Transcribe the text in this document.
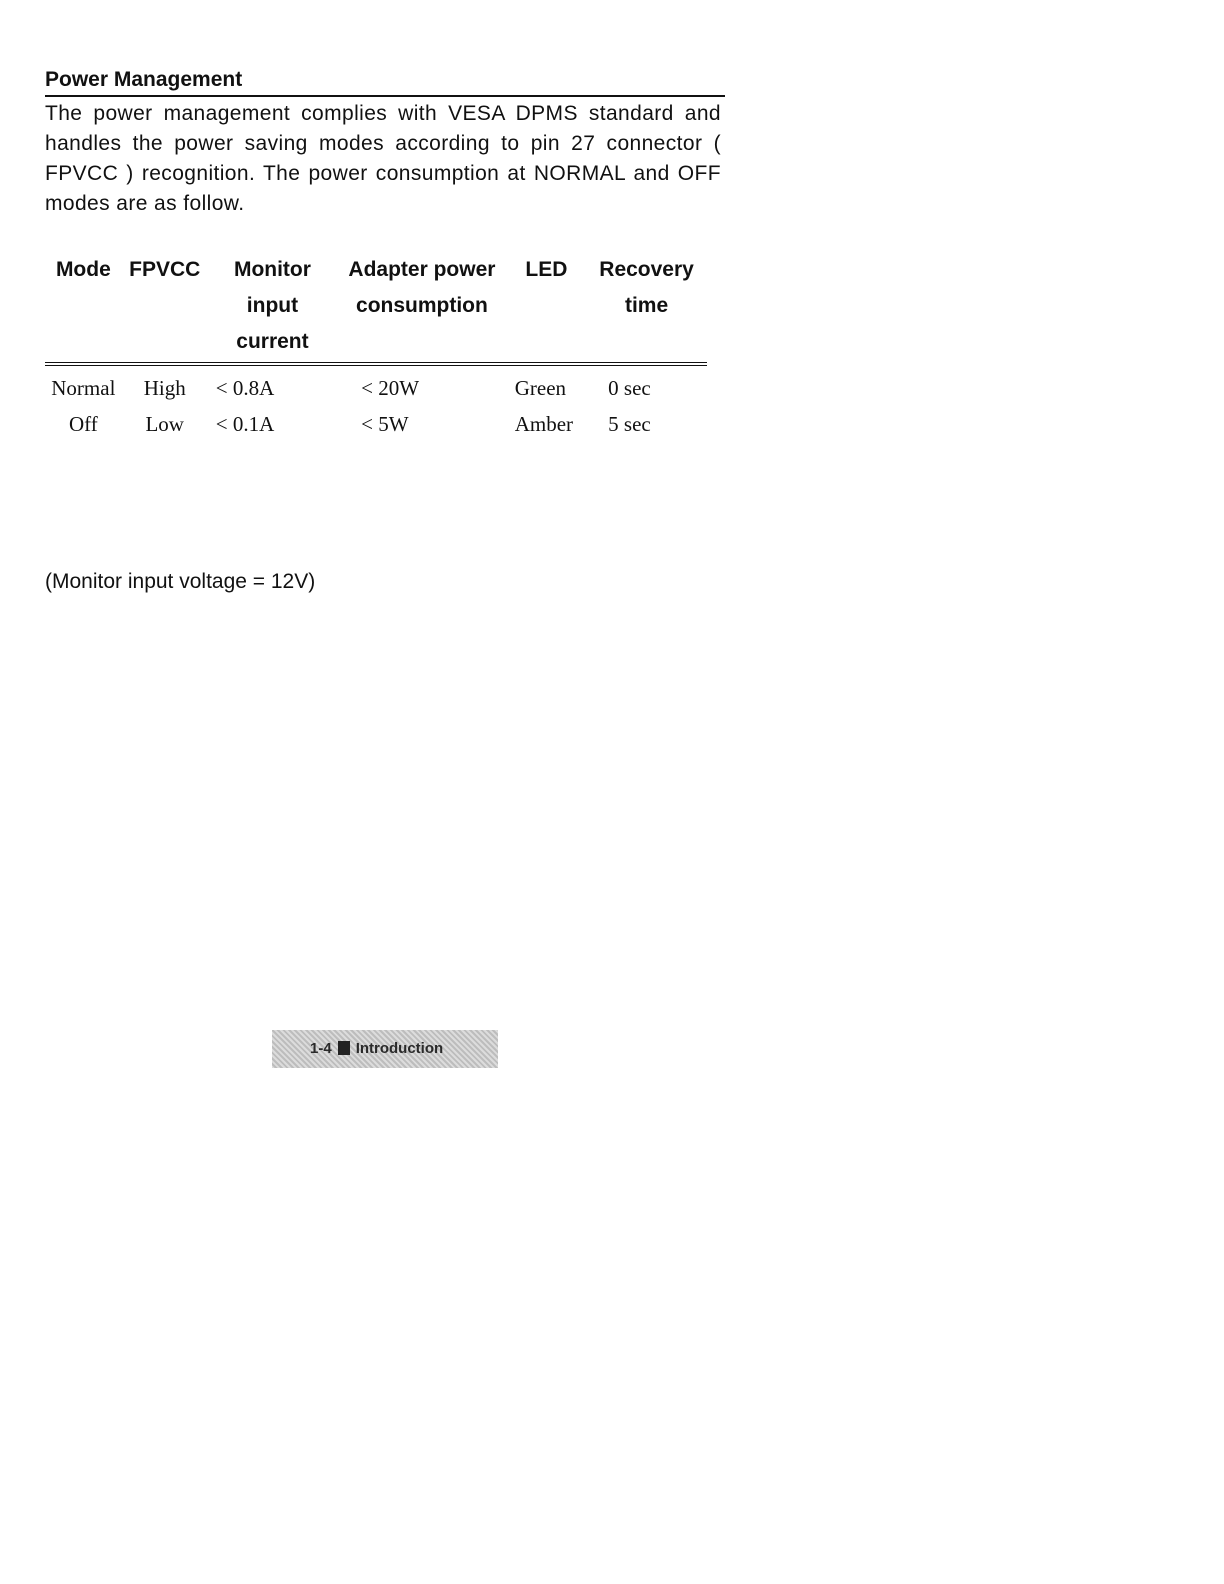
Power Management

The power management complies with VESA DPMS standard and handles the power saving modes according to pin 27 connector ( FPVCC ) recognition. The power consumption at NORMAL and OFF modes are as follow.

Mode	FPVCC	Monitor input current	Adapter power consumption	LED	Recovery time
Normal	High	< 0.8A	< 20W	Green	0 sec
Off	Low	< 0.1A	< 5W	Amber	5 sec

(Monitor input voltage = 12V)

1-4 Introduction
